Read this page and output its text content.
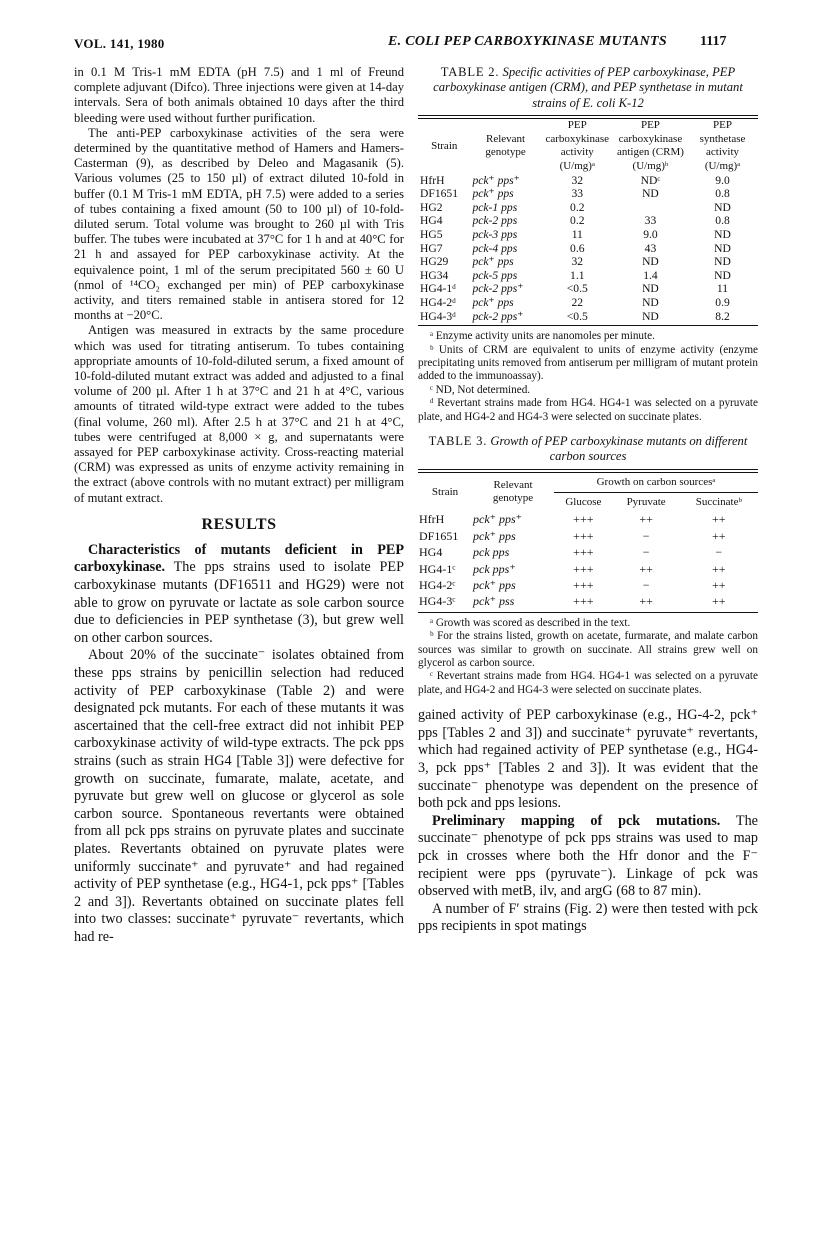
VOL. 141, 1980	E. COLI PEP CARBOXYKINASE MUTANTS 1117

in 0.1 M Tris-1 mM EDTA (pH 7.5) and 1 ml of Freund complete adjuvant (Difco). Three injections were given at 14-day intervals. Sera of both animals obtained 10 days after the third bleeding were used without further purification.

The anti-PEP carboxykinase activities of the sera were determined by the quantitative method of Hamers and Hamers-Casterman (9), as described by Deleo and Magasanik (5). Various volumes (25 to 150 µl) of extract diluted 10-fold in buffer (0.1 M Tris-1 mM EDTA, pH 7.5) were added to a series of tubes containing a fixed amount (50 to 100 µl) of 10-fold-diluted serum. Total volume was brought to 260 µl with Tris buffer. The tubes were incubated at 37°C for 1 h and at 40°C for 21 h and assayed for PEP carboxykinase activity. At the equivalence point, 1 ml of the serum precipitated 560 ± 60 U (nmol of ¹⁴CO₂ exchanged per min) of PEP carboxykinase activity, and titers remained stable in antisera stored for 12 months at −20°C.

Antigen was measured in extracts by the same procedure which was used for titrating antiserum. To tubes containing appropriate amounts of 10-fold-diluted serum, a fixed amount of 10-fold-diluted mutant extract was added and adjusted to a final volume of 200 µl. After 1 h at 37°C and 21 h at 4°C, various amounts of titrated wild-type extract were added to the tubes (final volume, 260 ml). After 2.5 h at 37°C and 21 h at 4°C, tubes were centrifuged at 8,000 × g, and supernatants were assayed for PEP carboxykinase activity. Cross-reacting material (CRM) was expressed as units of enzyme activity remaining in the extract (above controls with no mutant extract) per milligram of mutant extract.

RESULTS

Characteristics of mutants deficient in PEP carboxykinase. The pps strains used to isolate PEP carboxykinase mutants (DF16511 and HG29) were not able to grow on pyruvate or lactate as sole carbon source due to deficiencies in PEP synthetase (3), but grew well on other carbon sources.

About 20% of the succinate⁻ isolates obtained from these pps strains by penicillin selection had reduced activity of PEP carboxykinase (Table 2) and were designated pck mutants. For each of these mutants it was ascertained that the cell-free extract did not inhibit PEP carboxykinase activity of wild-type extracts. The pck pps strains (such as strain HG4 [Table 3]) were defective for growth on succinate, fumarate, malate, acetate, and pyruvate but grew well on glucose or glycerol as sole carbon source. Spontaneous revertants were obtained from all pck pps strains on pyruvate plates and succinate plates. Revertants obtained on pyruvate plates were uniformly succinate⁺ and pyruvate⁺ and had regained activity of PEP synthetase (e.g., HG4-1, pck pps⁺ [Tables 2 and 3]). Revertants obtained on succinate plates fell into two classes: succinate⁺ pyruvate⁻ revertants, which had re-

TABLE 2. Specific activities of PEP carboxykinase, PEP carboxykinase antigen (CRM), and PEP synthetase in mutant strains of E. coli K-12
Strain	Relevant genotype	PEP carboxykinase activity (U/mg)ᵃ	PEP carboxykinase antigen (CRM) (U/mg)ᵇ	PEP synthetase activity (U/mg)ᵃ
HfrH	pck⁺ pps⁺	32	NDᶜ	9.0
DF1651	pck⁺ pps	33	ND	0.8
HG2	pck-1 pps	0.2		ND
HG4	pck-2 pps	0.2	33	0.8
HG5	pck-3 pps	11	9.0	ND
HG7	pck-4 pps	0.6	43	ND
HG29	pck⁺ pps	32	ND	ND
HG34	pck-5 pps	1.1	1.4	ND
HG4-1ᵈ	pck-2 pps⁺	<0.5	ND	11
HG4-2ᵈ	pck⁺ pps	22	ND	0.9
HG4-3ᵈ	pck-2 pps⁺	<0.5	ND	8.2

ᵃ Enzyme activity units are nanomoles per minute.

ᵇ Units of CRM are equivalent to units of enzyme activity (enzyme precipitating units removed from antiserum per milligram of mutant protein added to the immunoassay).

ᶜ ND, Not determined.

ᵈ Revertant strains made from HG4. HG4-1 was selected on a pyruvate plate, and HG4-2 and HG4-3 were selected on succinate plates.

TABLE 3. Growth of PEP carboxykinase mutants on different carbon sources
Strain	Relevant genotype	Growth on carbon sourcesᵃ		
		Glucose	Pyruvate	Succinateᵇ
HfrH	pck⁺ pps⁺	+++	++	++
DF1651	pck⁺ pps	+++	−	++
HG4	pck pps	+++	−	−
HG4-1ᶜ	pck pps⁺	+++	++	++
HG4-2ᶜ	pck⁺ pps	+++	−	++
HG4-3ᶜ	pck⁺ pss	+++	++	++

ᵃ Growth was scored as described in the text.

ᵇ For the strains listed, growth on acetate, furmarate, and malate carbon sources was similar to growth on succinate. All strains grew well on glycerol as carbon source.

ᶜ Revertant strains made from HG4. HG4-1 was selected on a pyruvate plate, and HG4-2 and HG4-3 were selected on succinate plates.

gained activity of PEP carboxykinase (e.g., HG-4-2, pck⁺ pps [Tables 2 and 3]) and succinate⁺ pyruvate⁺ revertants, which had regained activity of PEP synthetase (e.g., HG4-3, pck pps⁺ [Tables 2 and 3]). It was evident that the succinate⁻ phenotype was dependent on the presence of both pck and pps lesions.

Preliminary mapping of pck mutations. The succinate⁻ phenotype of pck pps strains was used to map pck in crosses where both the Hfr donor and the F⁻ recipient were pps (pyruvate⁻). Linkage of pck was observed with metB, ilv, and argG (68 to 87 min).

A number of F′ strains (Fig. 2) were then tested with pck pps recipients in spot matings
